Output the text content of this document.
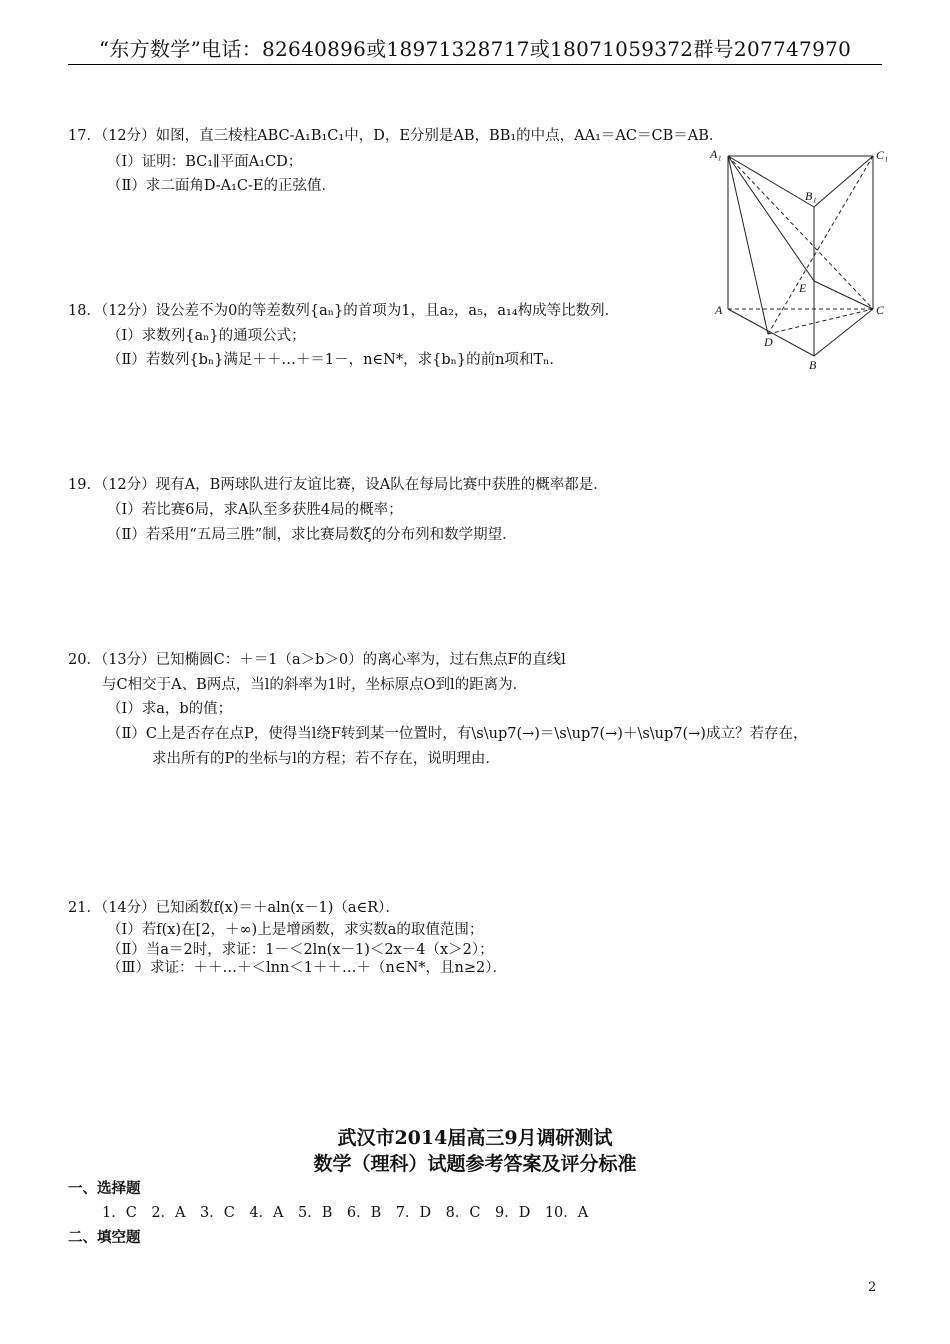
“东方数学”电话：82640896或18971328717或18071059372群号207747970
17．（12分）如图，直三棱柱ABC-A₁B₁C₁中，D，E分别是AB，BB₁的中点，AA₁＝AC＝CB＝AB．
（Ⅰ）证明：BC₁∥平面A₁CD；
（Ⅱ）求二面角D-A₁C-E的正弦值．
A₁	C₁
B₁
E
A	C
D
B
18．（12分）设公差不为0的等差数列{aₙ}的首项为1，且a₂，a₅，a₁₄构成等比数列．
（Ⅰ）求数列{aₙ}的通项公式；
（Ⅱ）若数列{bₙ}满足＋＋…＋＝1－，n∈N*，求{bₙ}的前n项和Tₙ．
19．（12分）现有A，B两球队进行友谊比赛，设A队在每局比赛中获胜的概率都是．
（Ⅰ）若比赛6局，求A队至多获胜4局的概率；
（Ⅱ）若采用“五局三胜”制，求比赛局数ξ的分布列和数学期望．
20．（13分）已知椭圆C：＋＝1（a＞b＞0）的离心率为，过右焦点F的直线l
与C相交于A、B两点，当l的斜率为1时，坐标原点O到l的距离为．
（Ⅰ）求a，b的值；
（Ⅱ）C上是否存在点P，使得当l绕F转到某一位置时，有\s\up7(→)＝\s\up7(→)＋\s\up7(→)成立？若存在，
求出所有的P的坐标与l的方程；若不存在，说明理由．
21．（14分）已知函数f(x)＝＋aln(x－1)（a∈R）．
（Ⅰ）若f(x)在[2，＋∞)上是增函数，求实数a的取值范围；
（Ⅱ）当a＝2时，求证：1－＜2ln(x－1)＜2x－4（x＞2）；
（Ⅲ）求证：＋＋…＋＜lnn＜1＋＋…＋（n∈N*，且n≥2）．
武汉市2014届高三9月调研测试
数学（理科）试题参考答案及评分标准
一、选择题
1．C　2．A　3．C　4．A　5．B　6．B　7．D　8．C　9．D　10．A
二、填空题
2
